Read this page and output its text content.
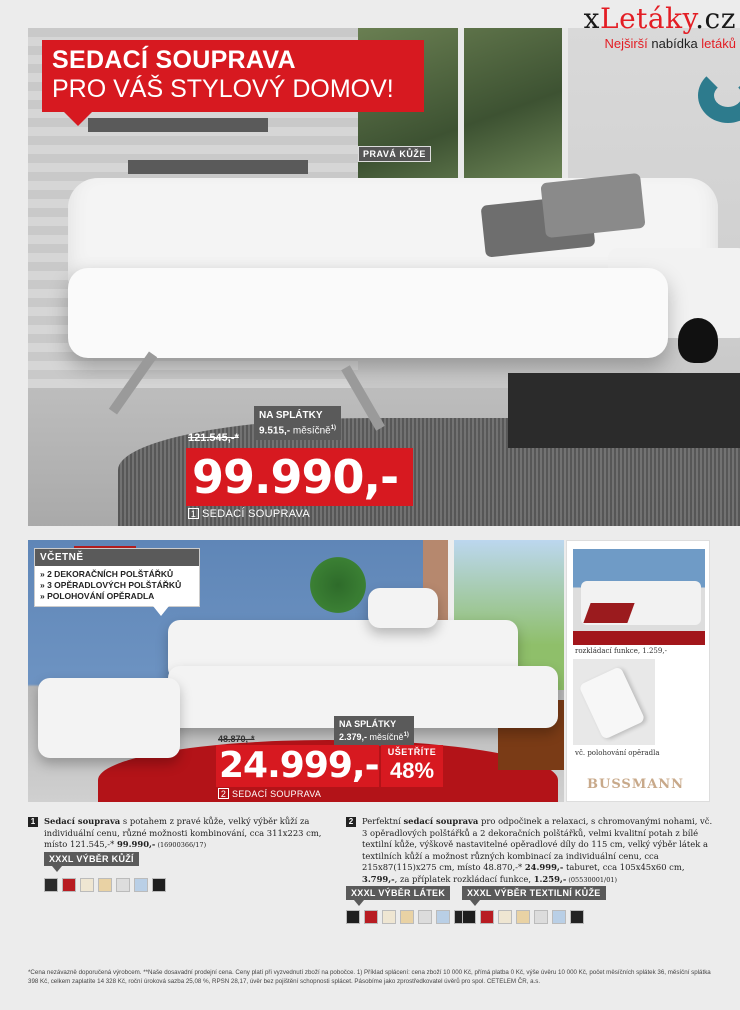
xLetáky.cz
Nejširší nabídka letáků
SEDACÍ SOUPRAVA
PRO VÁŠ STYLOVÝ DOMOV!
PRAVÁ KŮŽE
NA SPLÁTKY
9.515,- měsíčně$^{1)}$
121.545,-*
99.990,-
1 SEDACÍ SOUPRAVA
VČETNĚ
» 2 DEKORAČNÍCH POLŠTÁŘKŮ
» 3 OPĚRADLOVÝCH POLŠTÁŘKŮ
» POLOHOVÁNÍ OPĚRADLA
NA SPLÁTKY
2.379,- měsíčně$^{1)}$
48.870,-*
24.999,-	UŠETŘÍTE
48%
2 SEDACÍ SOUPRAVA
rozkládací funkce, 1.259,-
vč. polohování opěradla
BUSSMANN
1	Sedací souprava s potahem z pravé kůže, velký výběr kůží za individuální cenu, různé možnosti kombinování, cca 311x223 cm, místo 121.545,-* 99.990,- (16900366/17)
XXXL VÝBĚR KŮŽÍ
2	Perfektní sedací souprava pro odpočinek a relaxaci, s chromovanými nohami, vč. 3 opěradlových polštářků a 2 dekoračních polštářků, velmi kvalitní potah z bílé textilní kůže, výškově nastavitelné opěradlové díly do 115 cm, velký výběr látek a textilních kůží a možnost různých kombinací za individuální cenu, cca 215x87(115)x275 cm, místo 48.870,-* 24.999,- taburet, cca 105x45x60 cm, 3.799,-, za příplatek rozkládací funkce, 1.259,- (05530001/01)
XXXL VÝBĚR LÁTEK	XXXL VÝBĚR TEXTILNÍ KŮŽE
*Cena nezávazně doporučená výrobcem. **Naše dosavadní prodejní cena. Ceny platí při vyzvednutí zboží na pobočce. 1) Příklad splácení: cena zboží 10 000 Kč, přímá platba 0 Kč, výše úvěru 10 000 Kč, počet měsíčních splátek 36, měsíční splátka 398 Kč, celkem zaplatíte 14 328 Kč, roční úroková sazba 25,08 %, RPSN 28,17, úvěr bez pojištění schopnosti splácet. Pásobíme jako zprostředkovatel úvěrů pro spol. CETELEM ČR, a.s.
